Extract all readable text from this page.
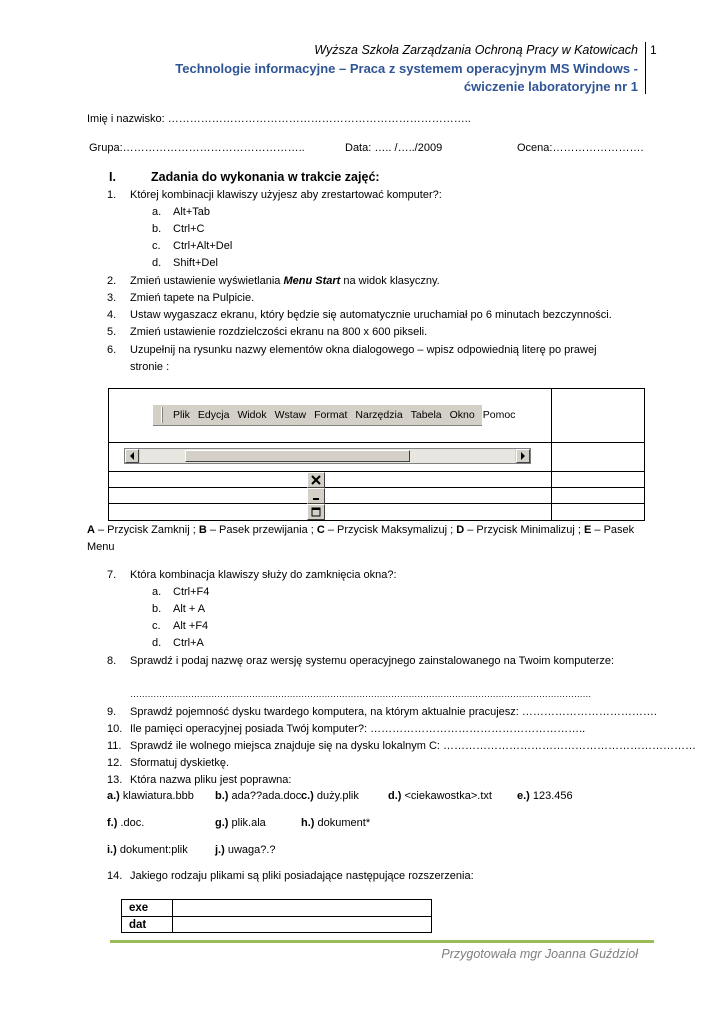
Wyższa Szkoła Zarządzania Ochroną Pracy w Katowicach
Technologie informacyjne – Praca z systemem operacyjnym MS Windows -
ćwiczenie laboratoryjne nr 1
1
Imię i nazwisko: ………………………………………………………………………..
Grupa:…………………………………………..	Data: ….. /…../2009	Ocena:…………………….
I.	Zadania do wykonania w trakcie zajęć:
1. Której kombinacji klawiszy użyjesz aby zrestartować komputer?:
a. Alt+Tab
b. Ctrl+C
c. Ctrl+Alt+Del
d. Shift+Del
2. Zmień ustawienie wyświetlania Menu Start na widok klasyczny.
3. Zmień tapete na Pulpicie.
4. Ustaw wygaszacz ekranu, który będzie się automatycznie uruchamiał po 6 minutach bezczynności.
5. Zmień ustawienie rozdzielczości ekranu na 800 x 600 pikseli.
6. Uzupełnij na rysunku nazwy elementów okna dialogowego – wpisz odpowiednią literę po prawej
stronie :
Plik Edycja Widok Wstaw Format Narzędzia Tabela Okno Pomoc
A – Przycisk Zamknij ; B – Pasek przewijania ; C – Przycisk Maksymalizuj ; D – Przycisk Minimalizuj ; E – Pasek
Menu
7. Która kombinacja klawiszy służy do zamknięcia okna?:
a. Ctrl+F4
b. Alt + A
c. Alt +F4
d. Ctrl+A
8. Sprawdź i podaj nazwę oraz wersję systemu operacyjnego zainstalowanego na Twoim komputerze:
……………………………………………………………………………………………………………………………………………
9. Sprawdź pojemność dysku twardego komputera, na którym aktualnie pracujesz: ……………………………….
10. Ile pamięci operacyjnej posiada Twój komputer?: …………………………………………………..
11. Sprawdź ile wolnego miejsca znajduje się na dysku lokalnym C: ……………………………………………………………
12. Sformatuj dyskietkę.
13. Która nazwa pliku jest poprawna:
a.) klawiatura.bbb b.) ada??ada.doc c.) duży.plik	d.) <ciekawostka>.txt e.) 123.456
f.) .doc.	g.) plik.ala	h.) dokument*
i.) dokument:plik j.) uwaga?.?
14. Jakiego rodzaju plikami są pliki posiadające następujące rozszerzenia:
exe
dat
Przygotowała mgr Joanna Guździoł
